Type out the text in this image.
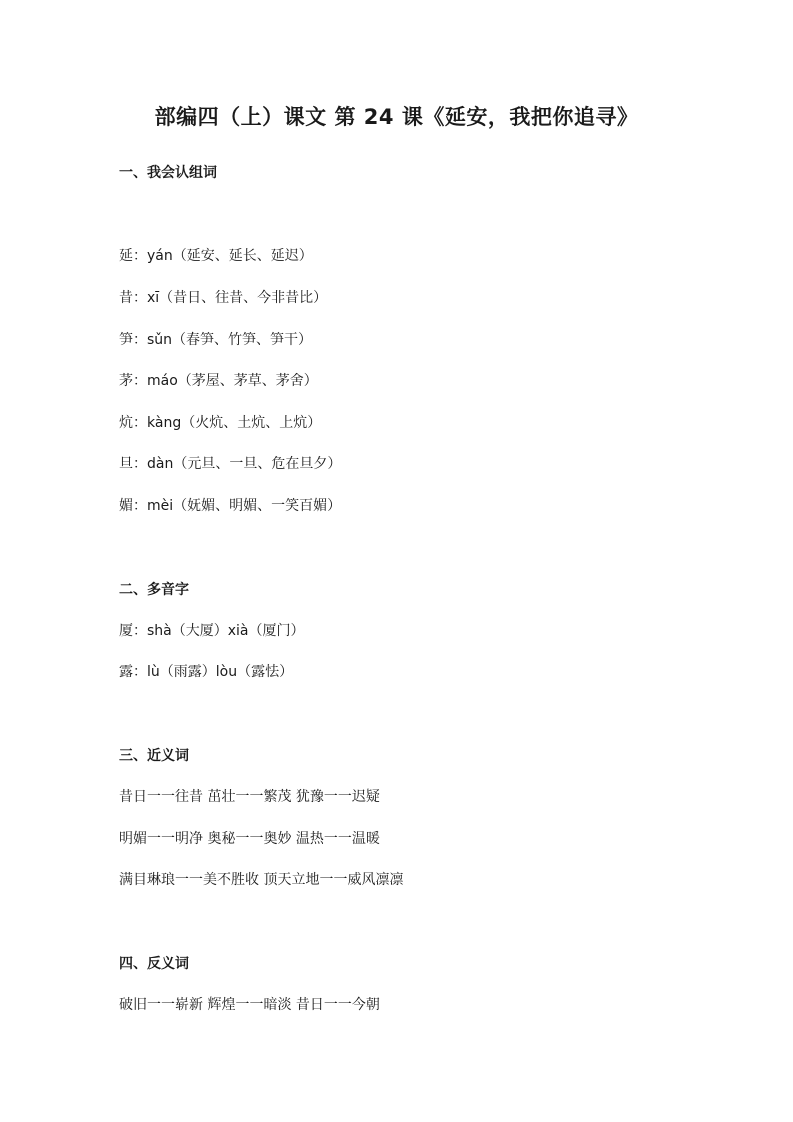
部编四（上）课文 第 24 课《延安，我把你追寻》
一、我会认组词
延：yán（延安、延长、延迟）
昔：xī（昔日、往昔、今非昔比）
笋：sǔn（春笋、竹笋、笋干）
茅：máo（茅屋、茅草、茅舍）
炕：kàng（火炕、土炕、上炕）
旦：dàn（元旦、一旦、危在旦夕）
媚：mèi（妩媚、明媚、一笑百媚）
二、多音字
厦：shà（大厦）xià（厦门）
露：lù（雨露）lòu（露怯）
三、近义词
昔日一一往昔 茁壮一一繁茂 犹豫一一迟疑
明媚一一明净 奥秘一一奥妙 温热一一温暖
满目琳琅一一美不胜收 顶天立地一一威风凛凛
四、反义词
破旧一一崭新 辉煌一一暗淡 昔日一一今朝
